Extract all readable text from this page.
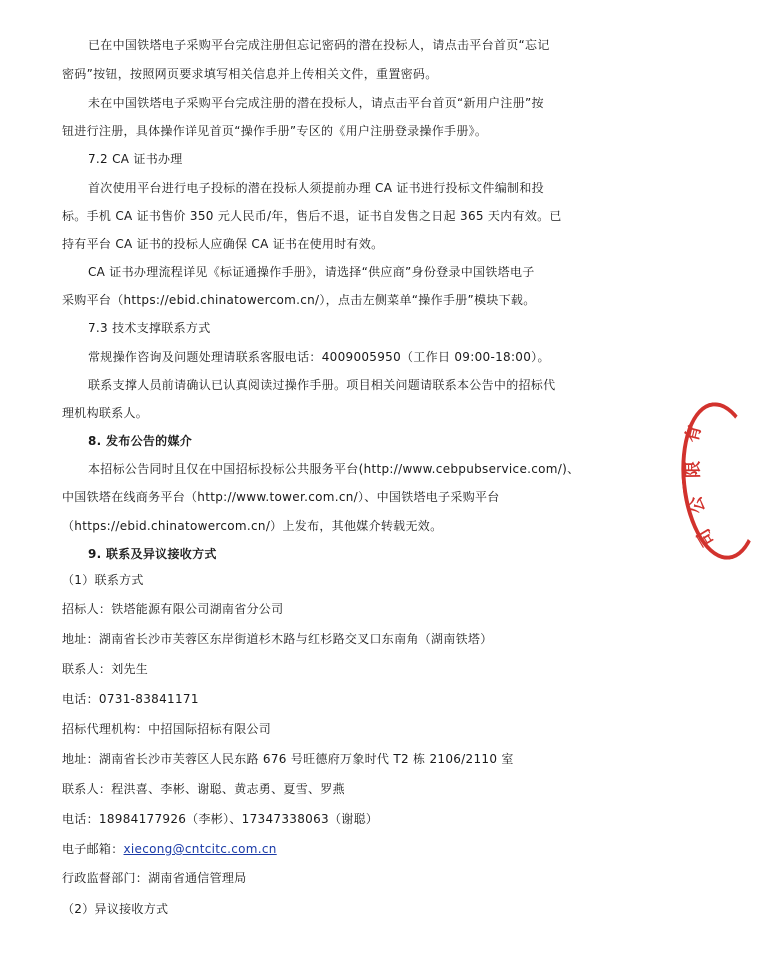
已在中国铁塔电子采购平台完成注册但忘记密码的潜在投标人，请点击平台首页“忘记
密码”按钮，按照网页要求填写相关信息并上传相关文件，重置密码。
未在中国铁塔电子采购平台完成注册的潜在投标人，请点击平台首页“新用户注册”按
钮进行注册，具体操作详见首页“操作手册”专区的《用户注册登录操作手册》。
7.2 CA 证书办理
首次使用平台进行电子投标的潜在投标人须提前办理 CA 证书进行投标文件编制和投
标。手机 CA 证书售价 350 元人民币/年，售后不退，证书自发售之日起 365 天内有效。已
持有平台 CA 证书的投标人应确保 CA 证书在使用时有效。
CA 证书办理流程详见《标证通操作手册》，请选择“供应商”身份登录中国铁塔电子
采购平台（https://ebid.chinatowercom.cn/），点击左侧菜单“操作手册”模块下载。
7.3 技术支撑联系方式
常规操作咨询及问题处理请联系客服电话：4009005950（工作日 09:00-18:00）。
联系支撑人员前请确认已认真阅读过操作手册。项目相关问题请联系本公告中的招标代
理机构联系人。
8. 发布公告的媒介
本招标公告同时且仅在中国招标投标公共服务平台(http://www.cebpubservice.com/)、
中国铁塔在线商务平台（http://www.tower.com.cn/）、中国铁塔电子采购平台
（https://ebid.chinatowercom.cn/）上发布，其他媒介转载无效。
9. 联系及异议接收方式
（1）联系方式
招标人：铁塔能源有限公司湖南省分公司
地址：湖南省长沙市芙蓉区东岸街道杉木路与红杉路交叉口东南角（湖南铁塔）
联系人：刘先生
电话：0731-83841171
招标代理机构：中招国际招标有限公司
地址：湖南省长沙市芙蓉区人民东路 676 号旺德府万象时代 T2 栋 2106/2110 室
联系人：程洪喜、李彬、谢聪、黄志勇、夏雪、罗燕
电话：18984177926（李彬）、17347338063（谢聪）
电子邮箱：xiecong@cntcitc.com.cn
行政监督部门：湖南省通信管理局
（2）异议接收方式
有
限
公
司
